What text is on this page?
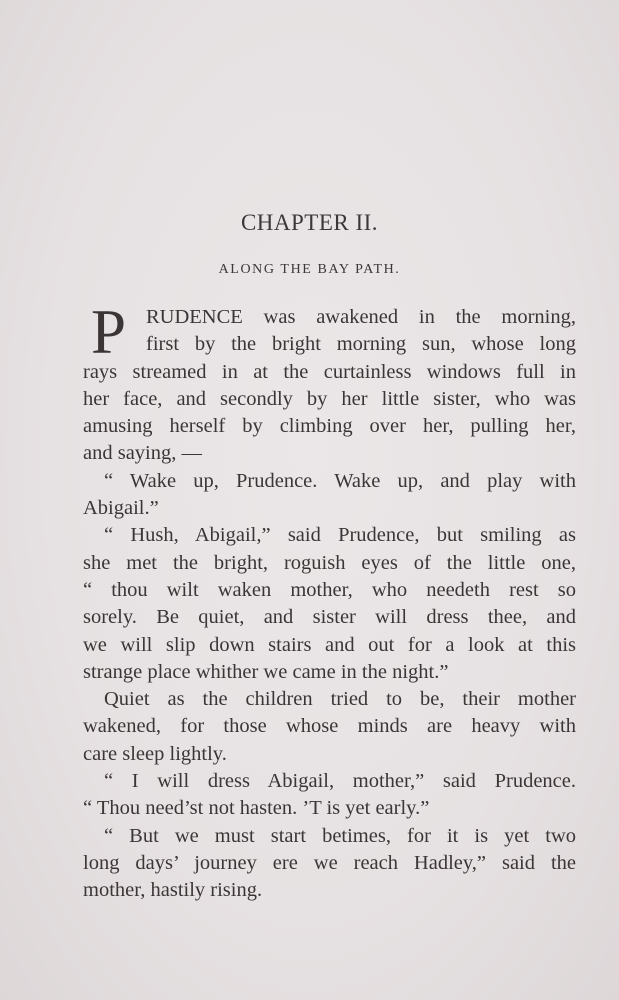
CHAPTER II.
ALONG THE BAY PATH.
P RUDENCE was awakened in the morning,
first by the bright morning sun, whose long
rays streamed in at the curtainless windows full in
her face, and secondly by her little sister, who was
amusing herself by climbing over her, pulling her,
and saying, —
“ Wake up, Prudence. Wake up, and play with
Abigail.”
“ Hush, Abigail,” said Prudence, but smiling as
she met the bright, roguish eyes of the little one,
“ thou wilt waken mother, who needeth rest so
sorely. Be quiet, and sister will dress thee, and
we will slip down stairs and out for a look at this
strange place whither we came in the night.”
Quiet as the children tried to be, their mother
wakened, for those whose minds are heavy with
care sleep lightly.
“ I will dress Abigail, mother,” said Prudence.
“ Thou need’st not hasten. ’T is yet early.”
“ But we must start betimes, for it is yet two
long days’ journey ere we reach Hadley,” said the
mother, hastily rising.
